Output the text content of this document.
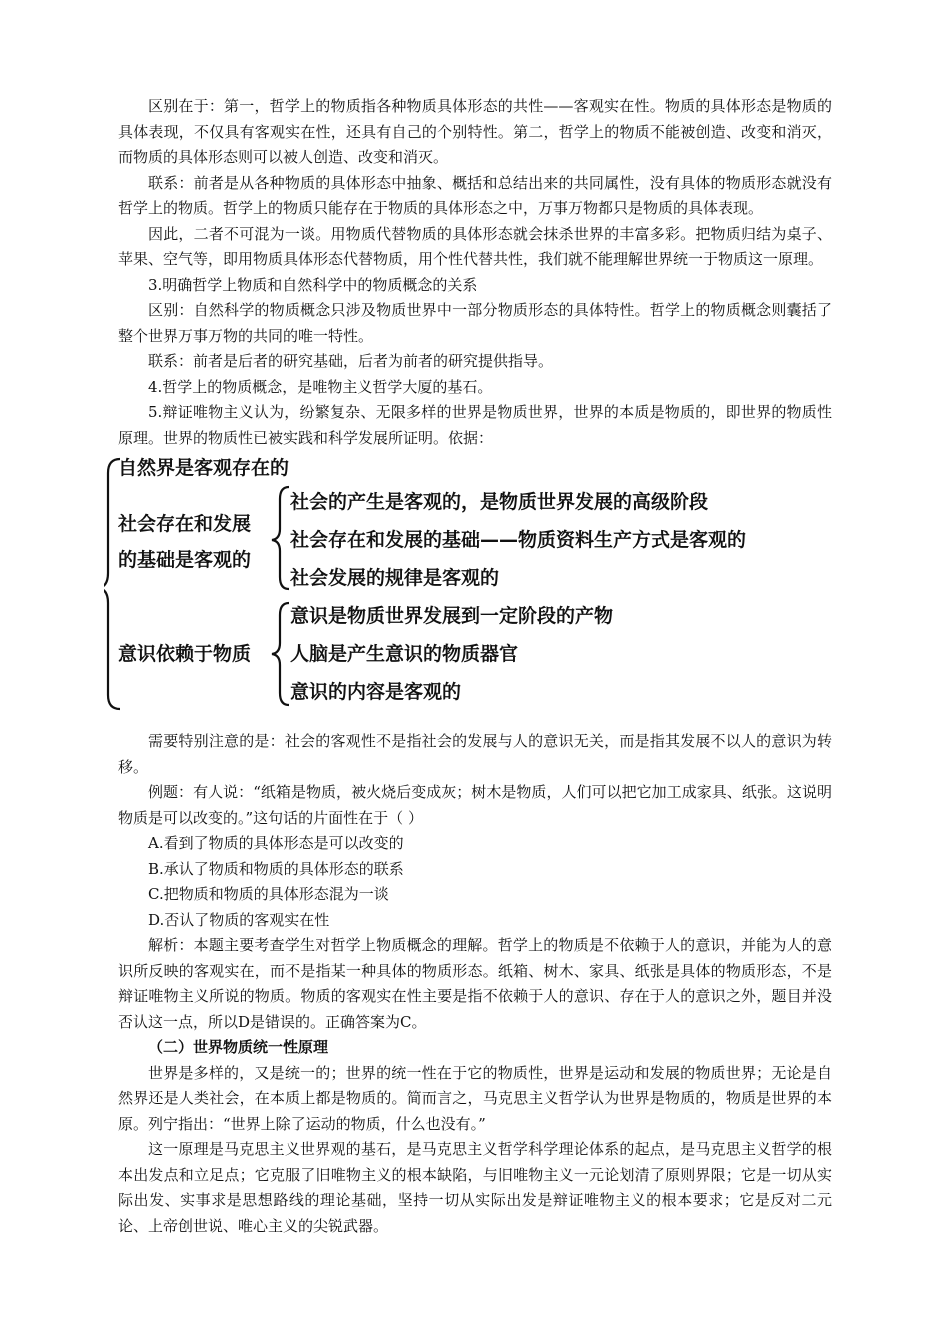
区别在于：第一，哲学上的物质指各种物质具体形态的共性——客观实在性。物质的具体形态是物质的具体表现，不仅具有客观实在性，还具有自己的个别特性。第二，哲学上的物质不能被创造、改变和消灭，而物质的具体形态则可以被人创造、改变和消灭。

联系：前者是从各种物质的具体形态中抽象、概括和总结出来的共同属性，没有具体的物质形态就没有哲学上的物质。哲学上的物质只能存在于物质的具体形态之中，万事万物都只是物质的具体表现。

因此，二者不可混为一谈。用物质代替物质的具体形态就会抹杀世界的丰富多彩。把物质归结为桌子、苹果、空气等，即用物质具体形态代替物质，用个性代替共性，我们就不能理解世界统一于物质这一原理。

3.明确哲学上物质和自然科学中的物质概念的关系

区别：自然科学的物质概念只涉及物质世界中一部分物质形态的具体特性。哲学上的物质概念则囊括了整个世界万事万物的共同的唯一特性。

联系：前者是后者的研究基础，后者为前者的研究提供指导。

4.哲学上的物质概念，是唯物主义哲学大厦的基石。

5.辩证唯物主义认为，纷繁复杂、无限多样的世界是物质世界，世界的本质是物质的，即世界的物质性原理。世界的物质性已被实践和科学发展所证明。依据：

自然界是客观存在的
社会存在和发展
的基础是客观的
社会的产生是客观的，是物质世界发展的高级阶段
社会存在和发展的基础——物质资料生产方式是客观的
社会发展的规律是客观的
意识依赖于物质
意识是物质世界发展到一定阶段的产物
人脑是产生意识的物质器官
意识的内容是客观的

需要特别注意的是：社会的客观性不是指社会的发展与人的意识无关，而是指其发展不以人的意识为转移。

例题：有人说：“纸箱是物质，被火烧后变成灰；树木是物质，人们可以把它加工成家具、纸张。这说明物质是可以改变的。”这句话的片面性在于（ ）

A.看到了物质的具体形态是可以改变的

B.承认了物质和物质的具体形态的联系

C.把物质和物质的具体形态混为一谈

D.否认了物质的客观实在性

解析：本题主要考查学生对哲学上物质概念的理解。哲学上的物质是不依赖于人的意识，并能为人的意识所反映的客观实在，而不是指某一种具体的物质形态。纸箱、树木、家具、纸张是具体的物质形态，不是辩证唯物主义所说的物质。物质的客观实在性主要是指不依赖于人的意识、存在于人的意识之外，题目并没否认这一点，所以D是错误的。正确答案为C。

（二）世界物质统一性原理

世界是多样的，又是统一的；世界的统一性在于它的物质性，世界是运动和发展的物质世界；无论是自然界还是人类社会，在本质上都是物质的。简而言之，马克思主义哲学认为世界是物质的，物质是世界的本原。列宁指出：“世界上除了运动的物质，什么也没有。”

这一原理是马克思主义世界观的基石，是马克思主义哲学科学理论体系的起点，是马克思主义哲学的根本出发点和立足点；它克服了旧唯物主义的根本缺陷，与旧唯物主义一元论划清了原则界限；它是一切从实际出发、实事求是思想路线的理论基础，坚持一切从实际出发是辩证唯物主义的根本要求；它是反对二元论、上帝创世说、唯心主义的尖锐武器。
